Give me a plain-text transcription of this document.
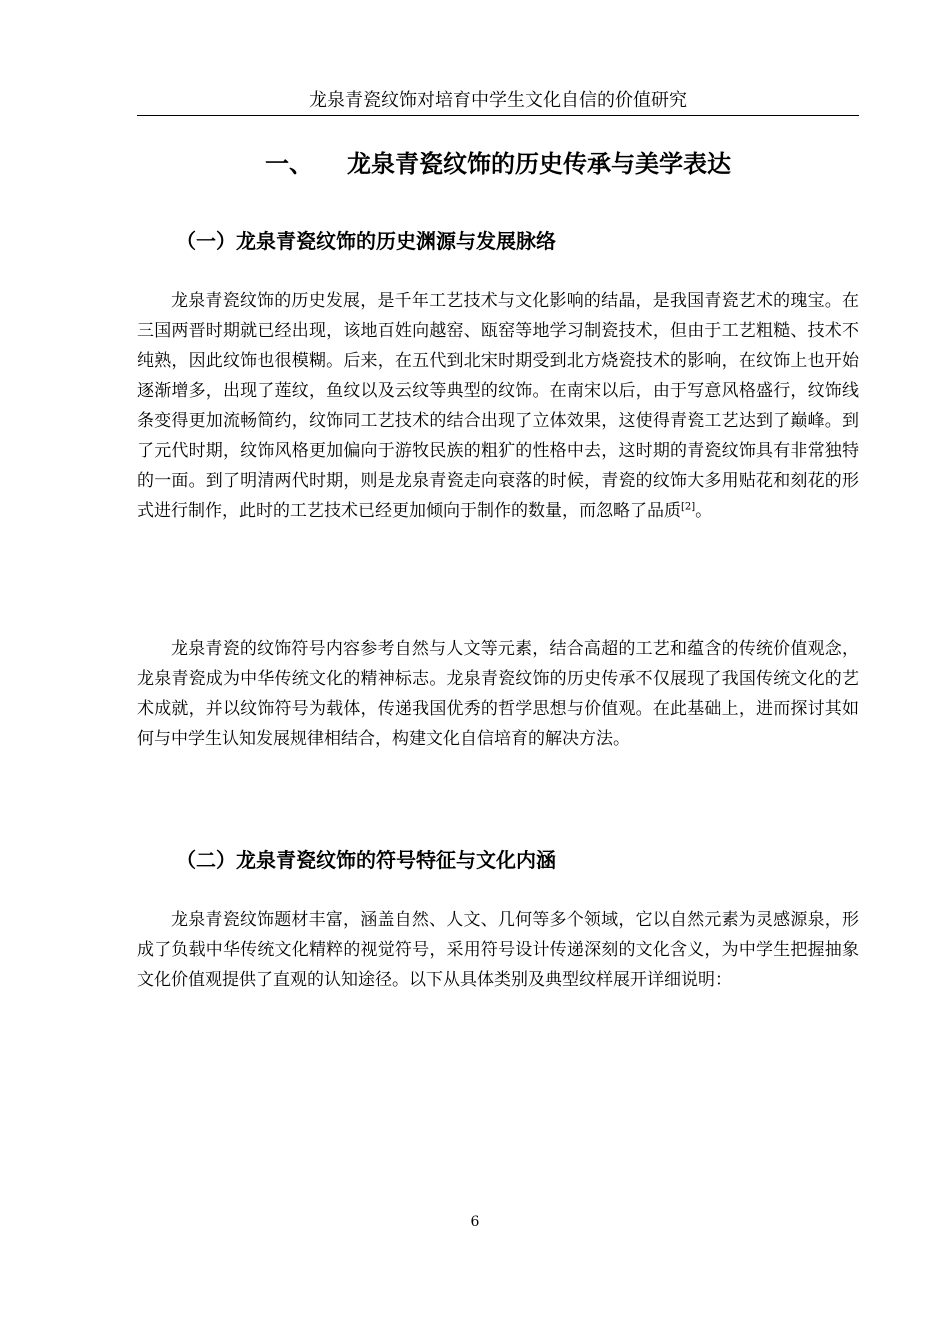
龙泉青瓷纹饰对培育中学生文化自信的价值研究
一、 龙泉青瓷纹饰的历史传承与美学表达
（一）龙泉青瓷纹饰的历史渊源与发展脉络

龙泉青瓷纹饰的历史发展，是千年工艺技术与文化影响的结晶，是我国青瓷艺术的瑰宝。在三国两晋时期就已经出现，该地百姓向越窑、瓯窑等地学习制瓷技术，但由于工艺粗糙、技术不纯熟，因此纹饰也很模糊。后来，在五代到北宋时期受到北方烧瓷技术的影响，在纹饰上也开始逐渐增多，出现了莲纹，鱼纹以及云纹等典型的纹饰。在南宋以后，由于写意风格盛行，纹饰线条变得更加流畅简约，纹饰同工艺技术的结合出现了立体效果，这使得青瓷工艺达到了巅峰。到了元代时期，纹饰风格更加偏向于游牧民族的粗犷的性格中去，这时期的青瓷纹饰具有非常独特的一面。到了明清两代时期，则是龙泉青瓷走向衰落的时候，青瓷的纹饰大多用贴花和刻花的形式进行制作，此时的工艺技术已经更加倾向于制作的数量，而忽略了品质[2]。

龙泉青瓷的纹饰符号内容参考自然与人文等元素，结合高超的工艺和蕴含的传统价值观念，龙泉青瓷成为中华传统文化的精神标志。龙泉青瓷纹饰的历史传承不仅展现了我国传统文化的艺术成就，并以纹饰符号为载体，传递我国优秀的哲学思想与价值观。在此基础上，进而探讨其如何与中学生认知发展规律相结合，构建文化自信培育的解决方法。

（二）龙泉青瓷纹饰的符号特征与文化内涵

龙泉青瓷纹饰题材丰富，涵盖自然、人文、几何等多个领域，它以自然元素为灵感源泉，形成了负载中华传统文化精粹的视觉符号，采用符号设计传递深刻的文化含义，为中学生把握抽象文化价值观提供了直观的认知途径。以下从具体类别及典型纹样展开详细说明：

6
